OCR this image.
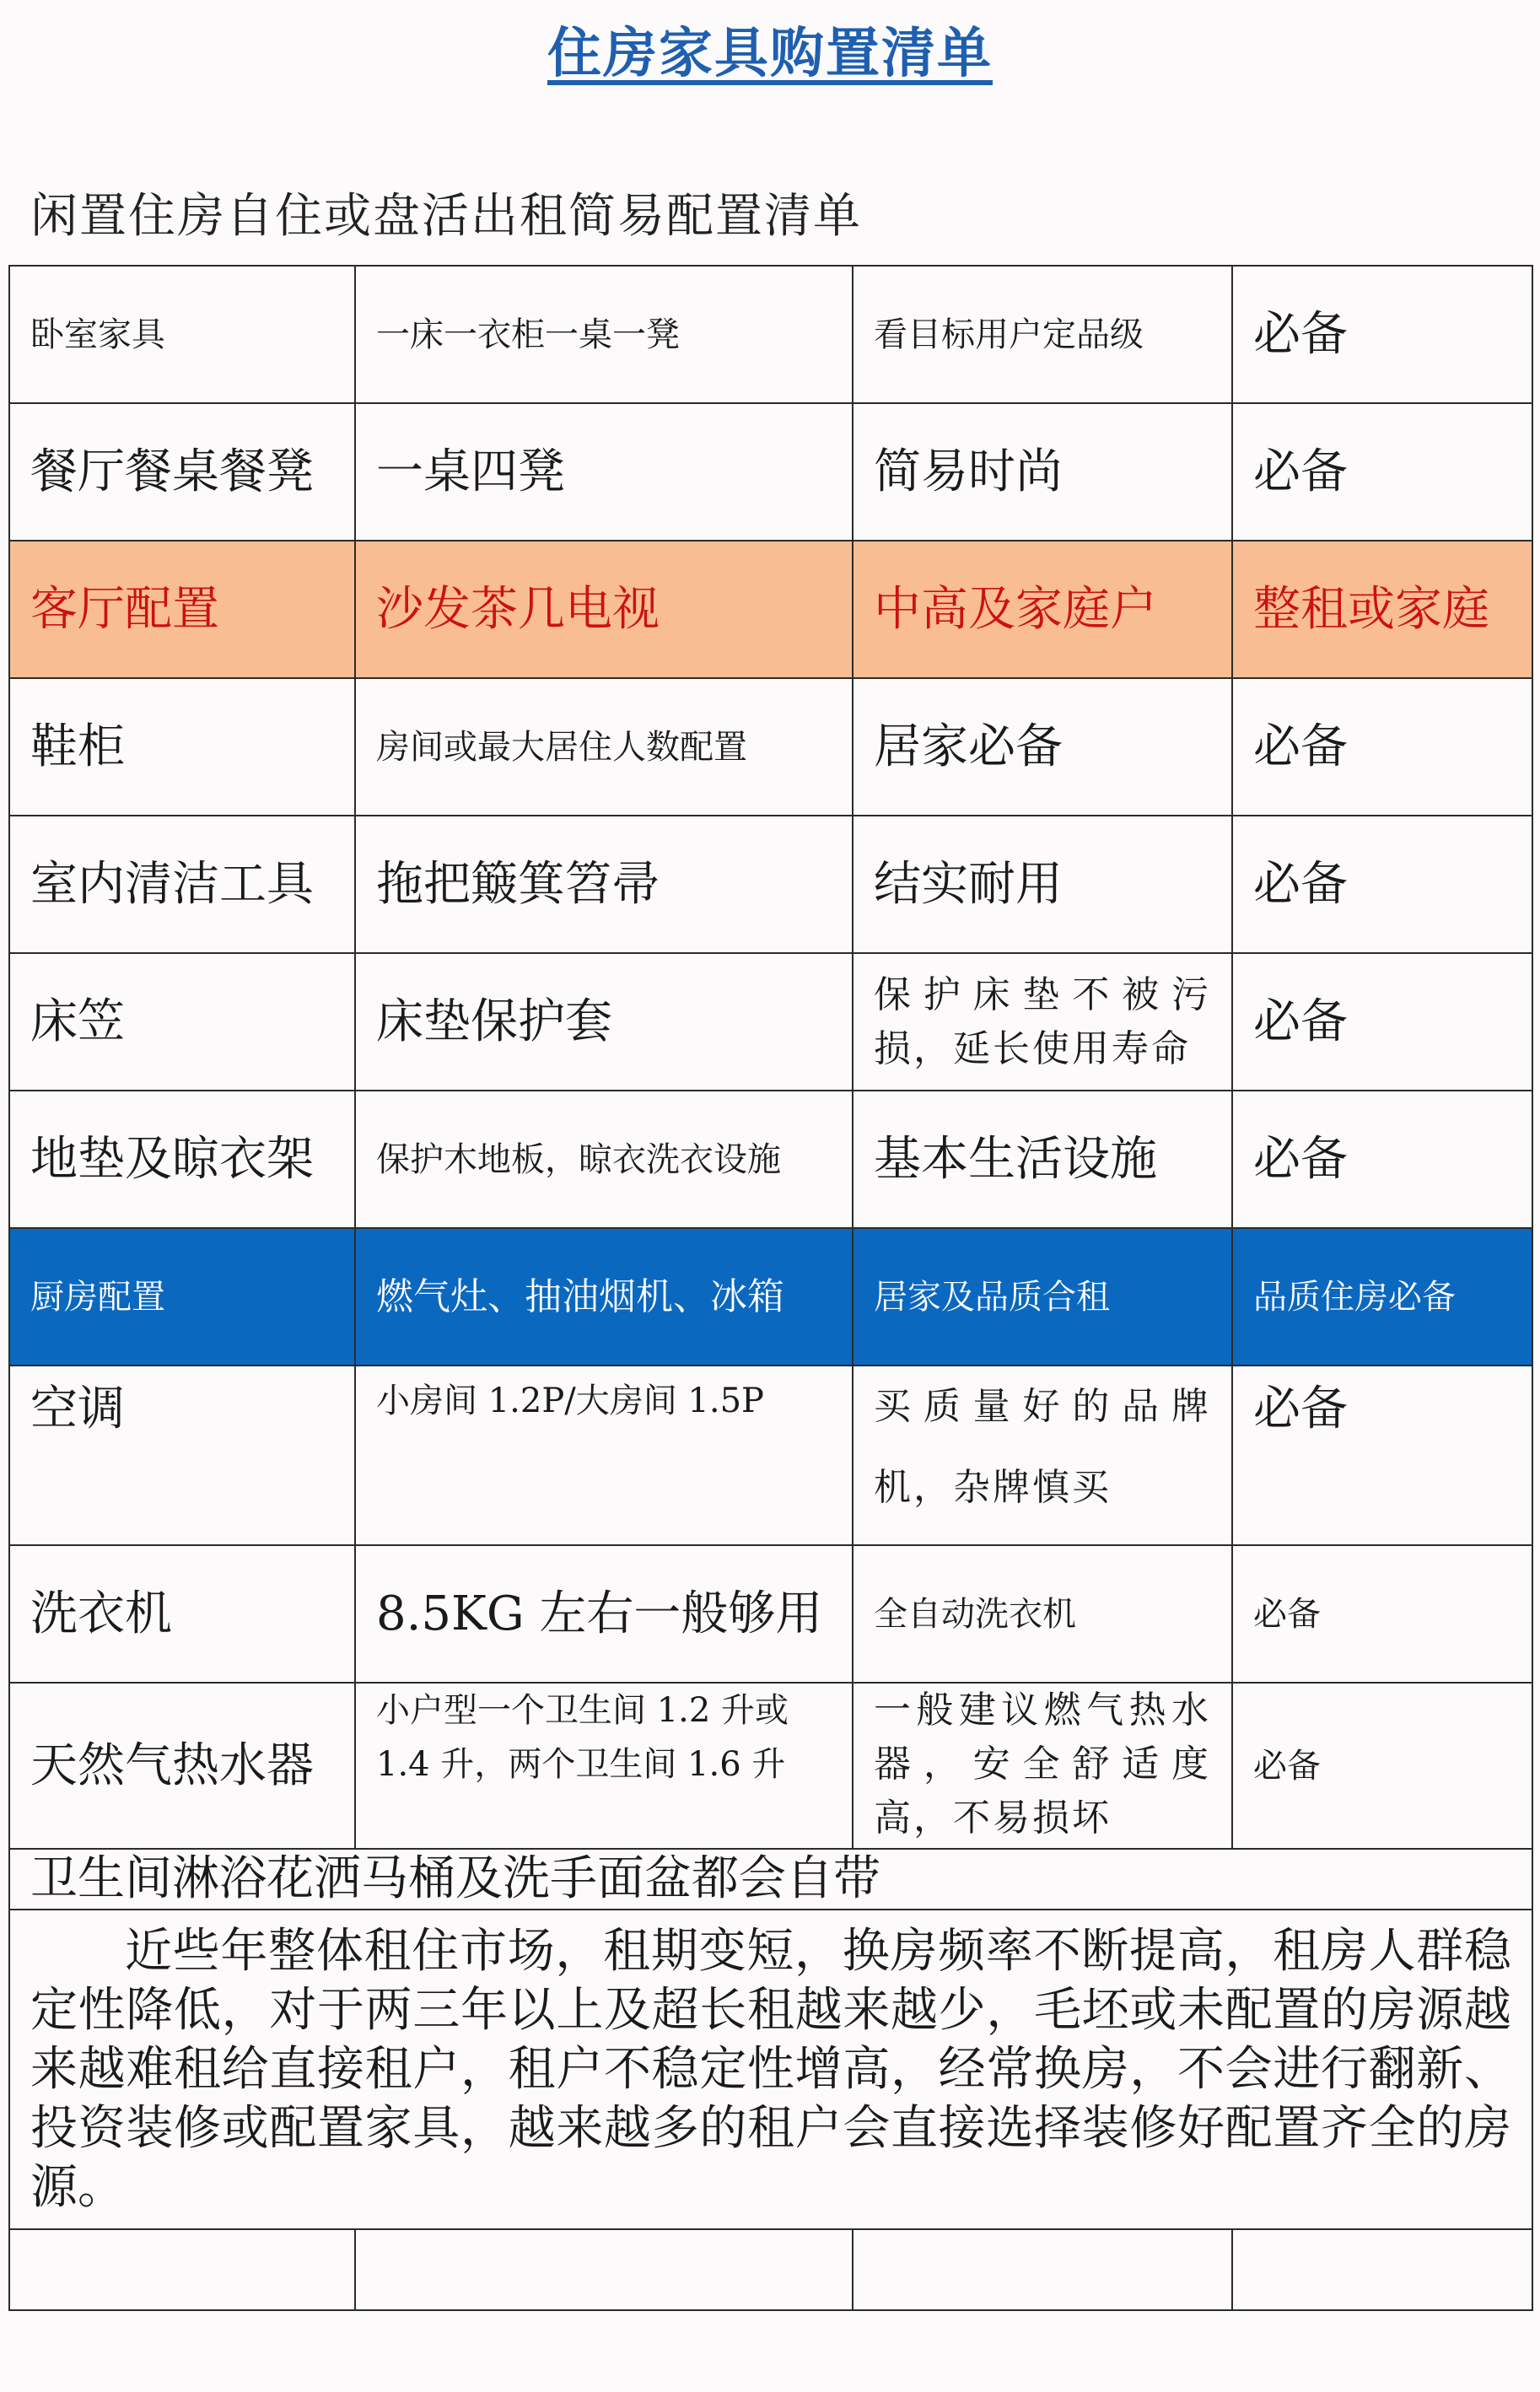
住房家具购置清单
闲置住房自住或盘活出租简易配置清单
卧室家具	一床一衣柜一桌一凳	看目标用户定品级	必备
餐厅餐桌餐凳	一桌四凳	简易时尚	必备
客厅配置	沙发茶几电视	中高及家庭户	整租或家庭
鞋柜	房间或最大居住人数配置	居家必备	必备
室内清洁工具	拖把簸箕笤帚	结实耐用	必备
床笠	床垫保护套	保护床垫不被污损，延长使用寿命	必备
地垫及晾衣架	保护木地板，晾衣洗衣设施	基本生活设施	必备
厨房配置	燃气灶、抽油烟机、冰箱	居家及品质合租	品质住房必备
空调	小房间 1.2P/大房间 1.5P	买质量好的品牌机，杂牌慎买	必备
洗衣机	8.5KG 左右一般够用	全自动洗衣机	必备
天然气热水器	小户型一个卫生间 1.2 升或 1.4 升，两个卫生间 1.6 升	一般建议燃气热水器，安全舒适度高，不易损坏	必备
卫生间淋浴花洒马桶及洗手面盆都会自带			

近些年整体租住市场，租期变短，换房频率不断提高，租房人群稳定性降低，对于两三年以上及超长租越来越少，毛坯或未配置的房源越来越难租给直接租户，租户不稳定性增高，经常换房，不会进行翻新、投资装修或配置家具，越来越多的租户会直接选择装修好配置齐全的房源。			
